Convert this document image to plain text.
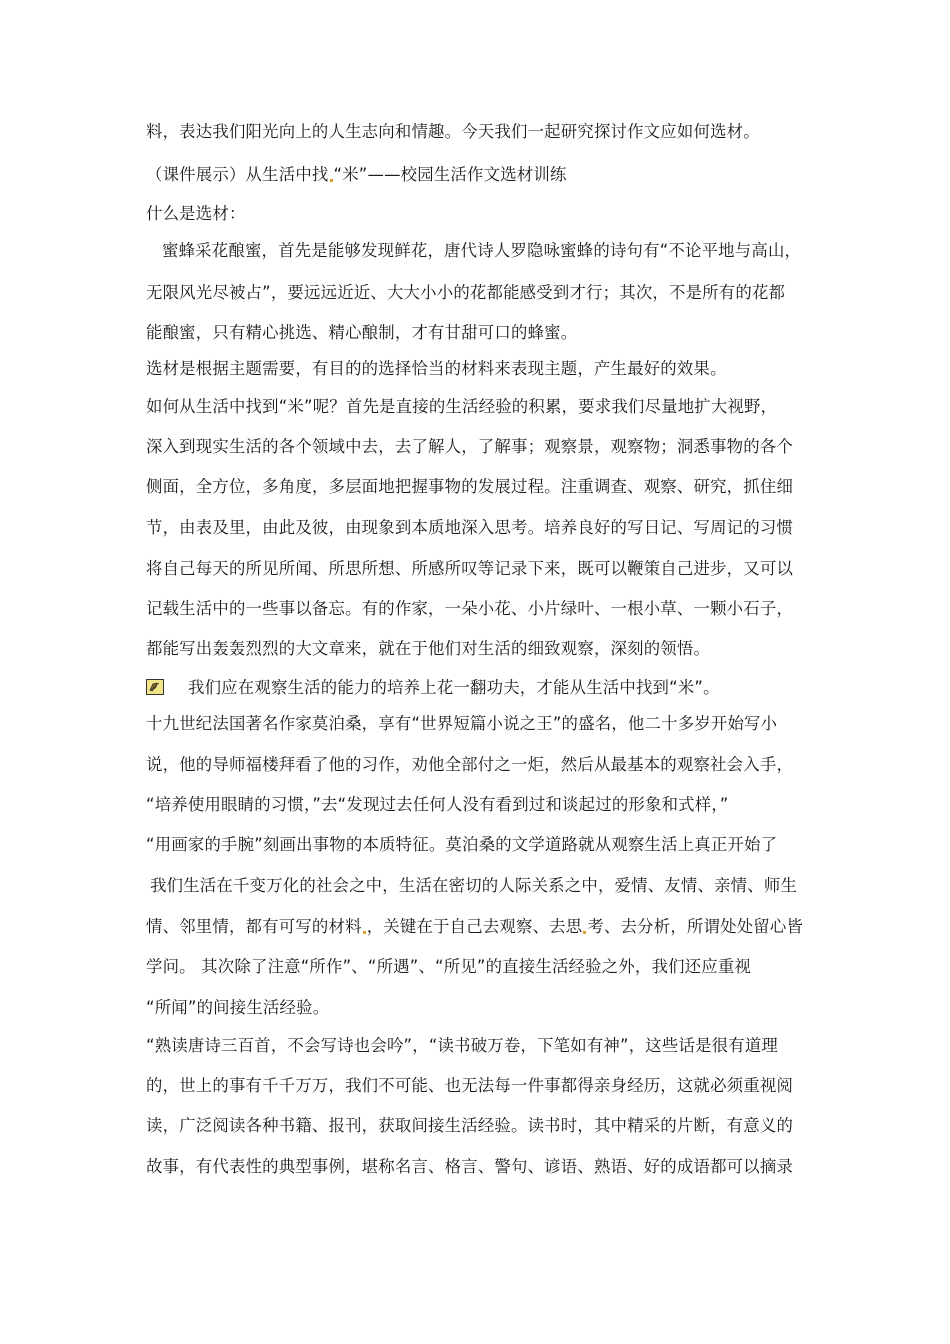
料，表达我们阳光向上的人生志向和情趣。今天我们一起研究探讨作文应如何选材。

（课件展示）从生活中找 “米”——校园生活作文选材训练

什么是选材：

蜜蜂采花酿蜜，首先是能够发现鲜花，唐代诗人罗隐咏蜜蜂的诗句有“不论平地与高山，

无限风光尽被占”，要远远近近、大大小小的花都能感受到才行；其次，不是所有的花都

能酿蜜，只有精心挑选、精心酿制，才有甘甜可口的蜂蜜。

选材是根据主题需要，有目的的选择恰当的材料来表现主题，产生最好的效果。

如何从生活中找到“米”呢？首先是直接的生活经验的积累，要求我们尽量地扩大视野，

深入到现实生活的各个领域中去，去了解人，了解事；观察景，观察物；洞悉事物的各个

侧面，全方位，多角度，多层面地把握事物的发展过程。注重调查、观察、研究，抓住细

节，由表及里，由此及彼，由现象到本质地深入思考。培养良好的写日记、写周记的习惯

将自己每天的所见所闻、所思所想、所感所叹等记录下来，既可以鞭策自己进步，又可以

记载生活中的一些事以备忘。有的作家，一朵小花、小片绿叶、一根小草、一颗小石子，

都能写出轰轰烈烈的大文章来，就在于他们对生活的细致观察，深刻的领悟。

我们应在观察生活的能力的培养上花一翻功夫，才能从生活中找到“米”。

十九世纪法国著名作家莫泊桑，享有“世界短篇小说之王”的盛名，他二十多岁开始写小

说，他的导师福楼拜看了他的习作，劝他全部付之一炬，然后从最基本的观察社会入手，

“培养使用眼睛的习惯，”去“发现过去任何人没有看到过和谈起过的形象和式样，”

“用画家的手腕”刻画出事物的本质特征。莫泊桑的文学道路就从观察生活上真正开始了

我们生活在千变万化的社会之中，生活在密切的人际关系之中，爱情、友情、亲情、师生

情、邻里情，都有可写的材料 ，关键在于自己去观察、去思 考、去分析，所谓处处留心皆

学问。 其次除了注意“所作”、“所遇”、“所见”的直接生活经验之外，我们还应重视

“所闻”的间接生活经验。

“熟读唐诗三百首，不会写诗也会吟”，“读书破万卷，下笔如有神”，这些话是很有道理

的，世上的事有千千万万，我们不可能、也无法每一件事都得亲身经历，这就必须重视阅

读，广泛阅读各种书籍、报刊，获取间接生活经验。读书时，其中精采的片断，有意义的

故事，有代表性的典型事例，堪称名言、格言、警句、谚语、熟语、好的成语都可以摘录
